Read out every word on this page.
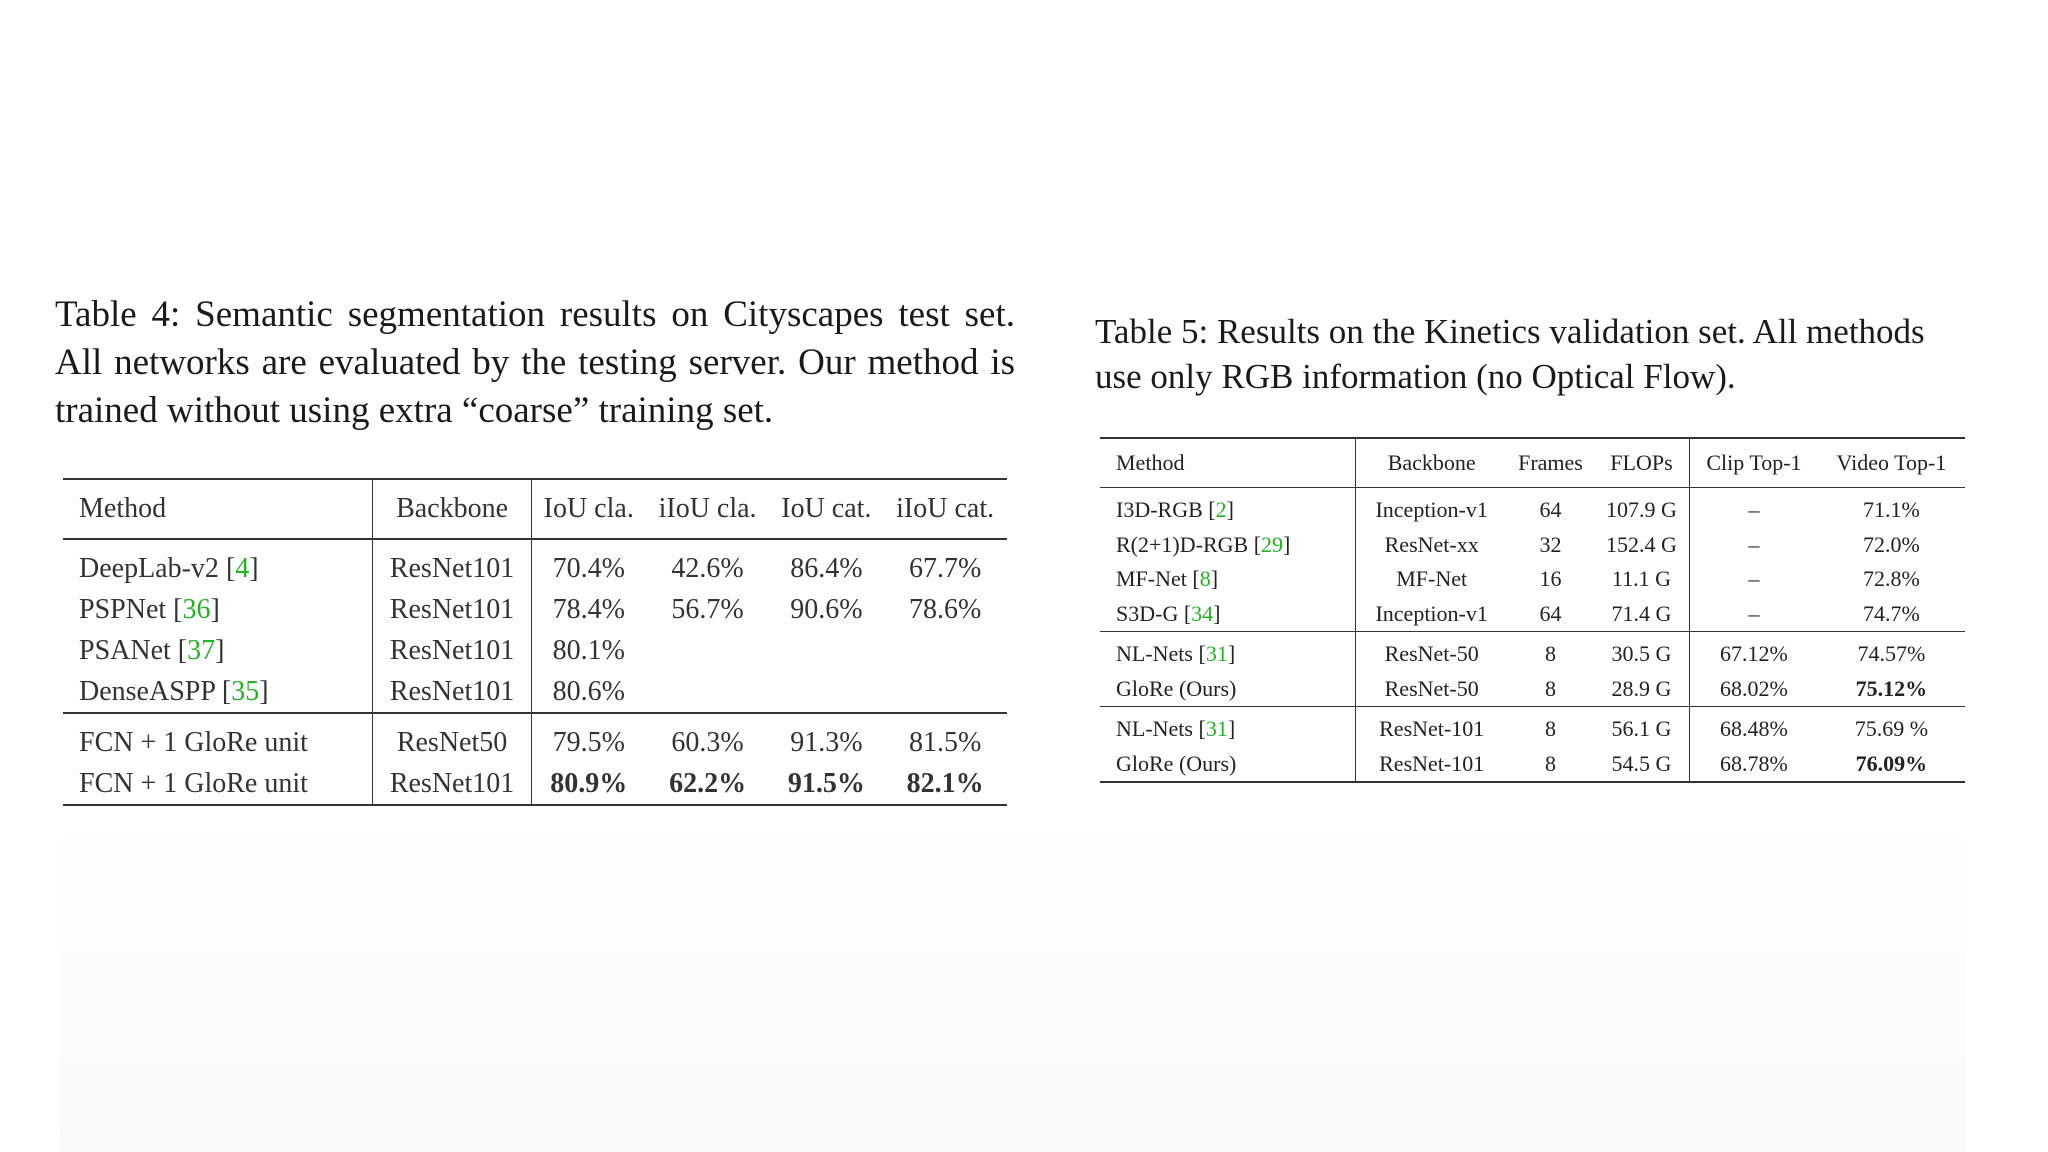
Table 4: Semantic segmentation results on Cityscapes test set. All networks are evaluated by the testing server. Our method is trained without using extra “coarse” training set.

Method	Backbone	IoU cla.	iIoU cla.	IoU cat.	iIoU cat.
DeepLab-v2 [4]	ResNet101	70.4%	42.6%	86.4%	67.7%
PSPNet [36]	ResNet101	78.4%	56.7%	90.6%	78.6%
PSANet [37]	ResNet101	80.1%			
DenseASPP [35]	ResNet101	80.6%			
FCN + 1 GloRe unit	ResNet50	79.5%	60.3%	91.3%	81.5%
FCN + 1 GloRe unit	ResNet101	80.9%	62.2%	91.5%	82.1%

Table 5: Results on the Kinetics validation set. All methods use only RGB information (no Optical Flow).

Method	Backbone	Frames	FLOPs	Clip Top-1	Video Top-1
I3D-RGB [2]	Inception-v1	64	107.9 G	–	71.1%
R(2+1)D-RGB [29]	ResNet-xx	32	152.4 G	–	72.0%
MF-Net [8]	MF-Net	16	11.1 G	–	72.8%
S3D-G [34]	Inception-v1	64	71.4 G	–	74.7%
NL-Nets [31]	ResNet-50	8	30.5 G	67.12%	74.57%
GloRe (Ours)	ResNet-50	8	28.9 G	68.02%	75.12%
NL-Nets [31]	ResNet-101	8	56.1 G	68.48%	75.69 %
GloRe (Ours)	ResNet-101	8	54.5 G	68.78%	76.09%
